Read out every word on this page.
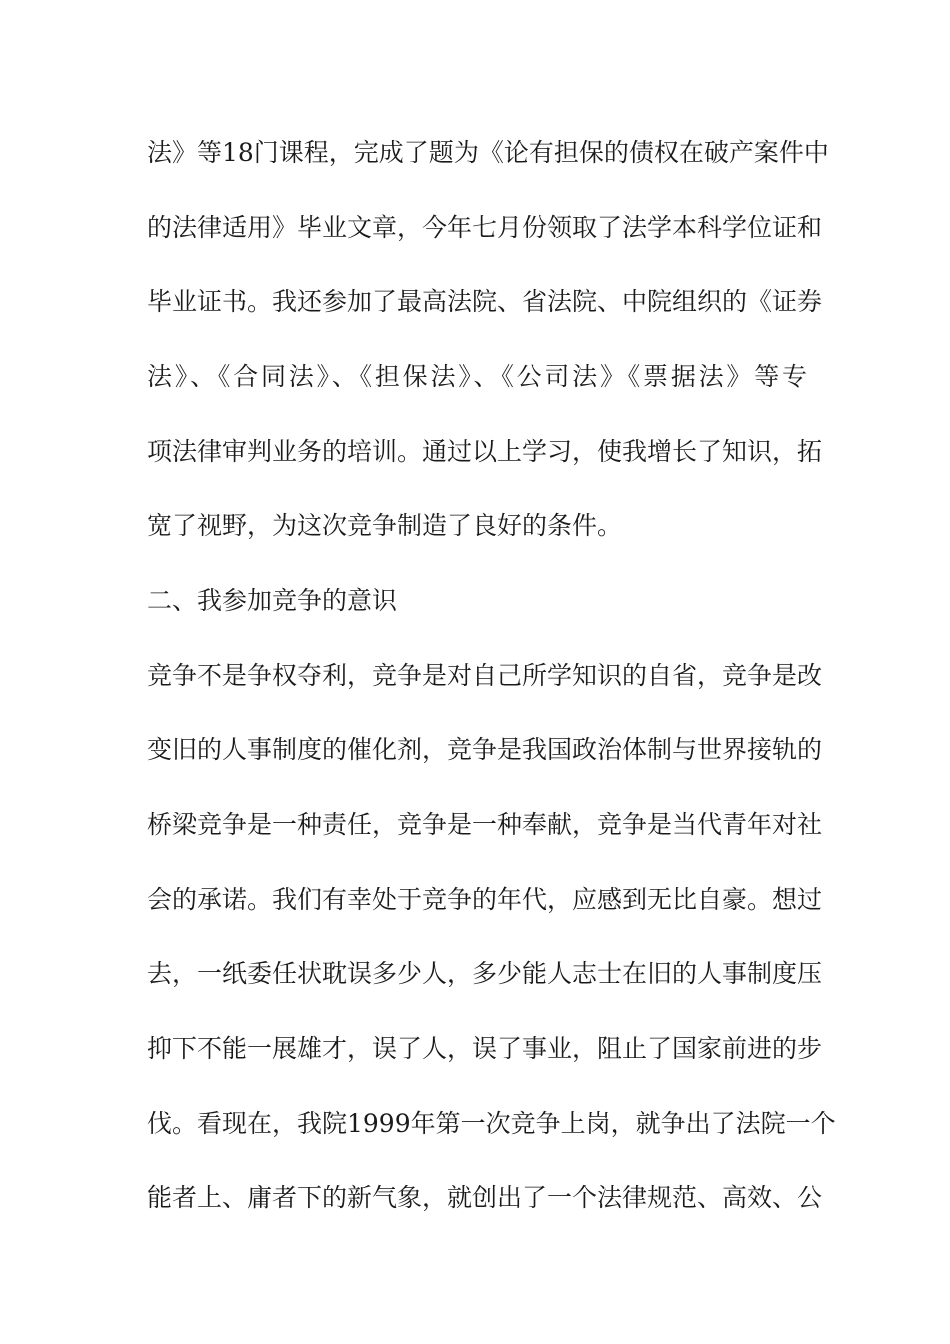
法》等18门课程，完成了题为《论有担保的债权在破产案件中
的法律适用》毕业文章，今年七月份领取了法学本科学位证和
毕业证书。我还参加了最高法院、省法院、中院组织的《证券
法》、《合同法》、《担保法》、《公司法》《票据法》等专
项法律审判业务的培训。通过以上学习，使我增长了知识，拓
宽了视野，为这次竞争制造了良好的条件。
二、我参加竞争的意识
竞争不是争权夺利，竞争是对自己所学知识的自省，竞争是改
变旧的人事制度的催化剂，竞争是我国政治体制与世界接轨的
桥梁竞争是一种责任，竞争是一种奉献，竞争是当代青年对社
会的承诺。我们有幸处于竞争的年代，应感到无比自豪。想过
去，一纸委任状耽误多少人，多少能人志士在旧的人事制度压
抑下不能一展雄才，误了人，误了事业，阻止了国家前进的步
伐。看现在，我院1999年第一次竞争上岗，就争出了法院一个
能者上、庸者下的新气象，就创出了一个法律规范、高效、公
